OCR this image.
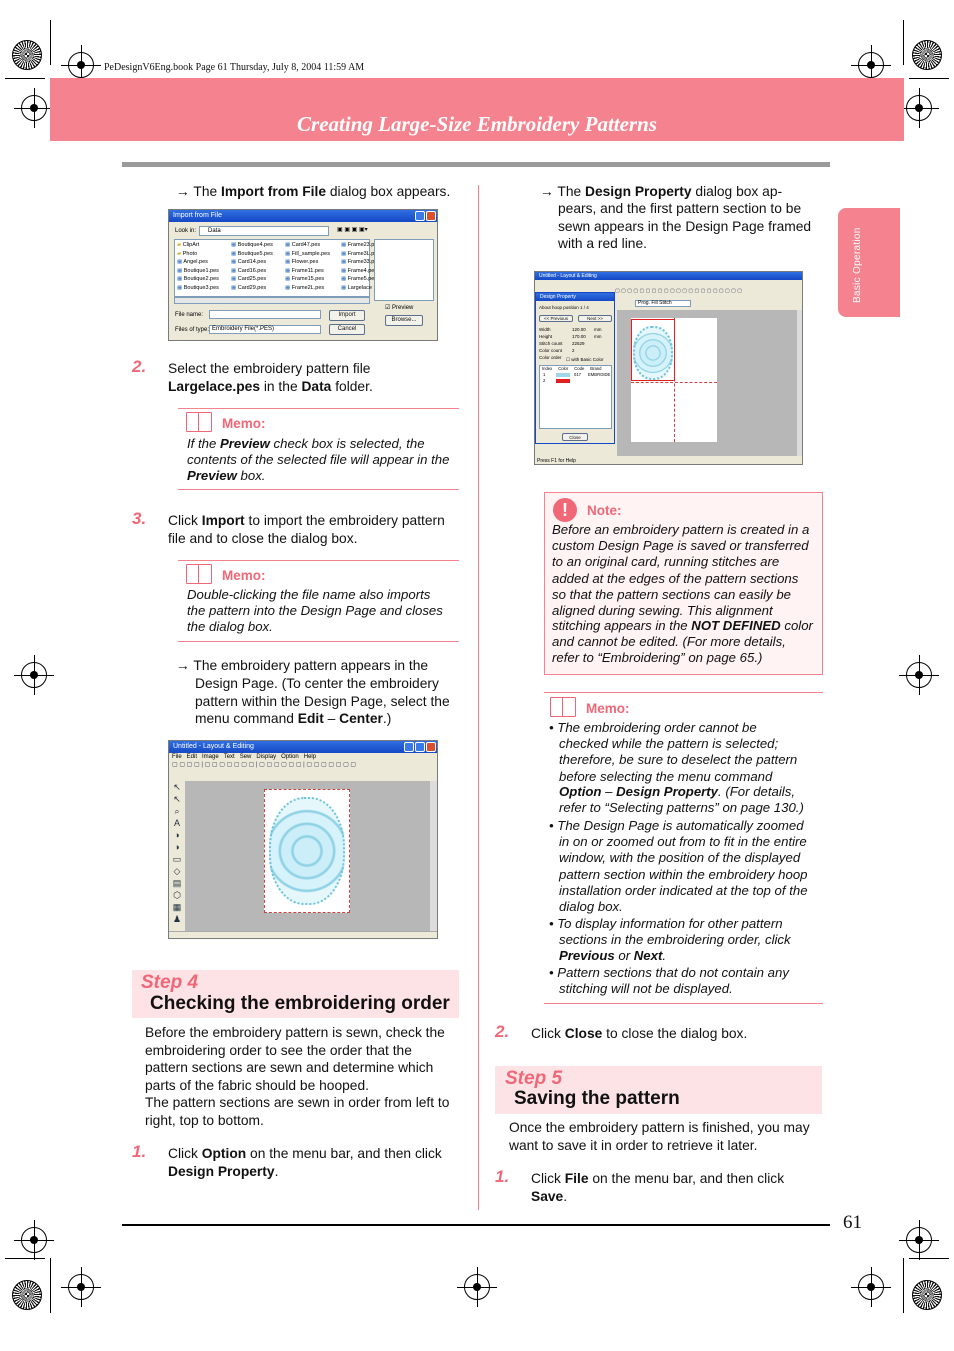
PeDesignV6Eng.book Page 61 Thursday, July 8, 2004 11:59 AM
Creating Large-Size Embroidery Patterns
Basic Operation
→ The Import from File dialog box appears.
Import from File
Look in: Data	▣ ▣ ▣ ▣▾
▰ ClipArt	▦ Boutique4.pes ▦ Card47.pes	▦ Frame23.p
▰ Photo	▦ Boutique5.pes ▦ Fill_sample.pes ▦ Frame3L.p
▦ Angel.pes	▦ Card14.pes	▦ Flower.pes	▦ Frame33.p
▦ Boutique1.pes ▦ Card16.pes	▦ Frame11.pes	▦ Frame4.pe
▦ Boutique2.pes ▦ Card25.pes	▦ Frame15.pes	▦ Frame5.pe
▦ Boutique3.pes ▦ Card29.pes	▦ Frame2L.pes	▦ Largelace
☑ Preview
File name:
Files of type: Embroidery File(*.PES)
Import
Cancel
Browse...
2. Select the embroidery pattern file
Largelace.pes in the Data folder.
Memo:
If the Preview check box is selected, the
contents of the selected file will appear in the
Preview box.
3. Click Import to import the embroidery pattern
file and to close the dialog box.
Memo:
Double-clicking the file name also imports
the pattern into the Design Page and closes
the dialog box.
→ The embroidery pattern appears in the
Design Page. (To center the embroidery
pattern within the Design Page, select the
menu command Edit – Center.)
Untitled - Layout & Editing
File Edit Image Text Sew Display Option Help
▢ ▢ ▢ ▢ | ▢ ▢ ▢ ▢ ▢ ▢ ▢ | ▢ ▢ ▢ ▢ ▢ ▢ | ▢ ▢ ▢ ▢ ▢ ▢ ▢
↖
↖
⌕
A
◑
◑
▭
◇
▤
⬡
▦
♟
Step 4
Checking the embroidering order
Before the embroidery pattern is sewn, check the
embroidering order to see the order that the
pattern sections are sewn and determine which
parts of the fabric should be hooped.
The pattern sections are sewn in order from left to
right, top to bottom.

1. Click Option on the menu bar, and then click
Design Property.
→ The Design Property dialog box ap-
pears, and the first pattern section to be
sewn appears in the Design Page framed
with a red line.
Untitled - Layout & Editing
▢ ▢ ▢ ▢ ▢ ▢ ▢ ▢ ▢ ▢ ▢ ▢ ▢ ▢ ▢ ▢ ▢ ▢ ▢ ▢ ▢
Prog. Fill Stitch
Press F1 for Help
Design Property
About hoop position 1 / 4
<< Previous	Next >>
Width	120.00 mm
Height	170.00 mm
Stitch count 22529
Color count 2
Color order ☐ with Basic Color
Index Color Code Brand
1	017 EMBROIDE
2
Close
!	Note:
Before an embroidery pattern is created in a
custom Design Page is saved or transferred
to an original card, running stitches are
added at the edges of the pattern sections
so that the pattern sections can easily be
aligned during sewing. This alignment

stitching appears in the NOT DEFINED color
and cannot be edited. (For more details,
refer to “Embroidering” on page 65.)
Memo:
• The embroidering order cannot be
checked while the pattern is selected;
therefore, be sure to deselect the pattern
before selecting the menu command

Option – Design Property. (For details,
refer to “Selecting patterns” on page 130.)
• The Design Page is automatically zoomed
in on or zoomed out from to fit in the entire
window, with the position of the displayed
pattern section within the embroidery hoop
installation order indicated at the top of the
dialog box.

• To display information for other pattern
sections in the embroidering order, click

Previous or Next.
• Pattern sections that do not contain any
stitching will not be displayed.

2. Click Close to close the dialog box.
Step 5
Saving the pattern
Once the embroidery pattern is finished, you may
want to save it in order to retrieve it later.

1. Click File on the menu bar, and then click
Save.
61
